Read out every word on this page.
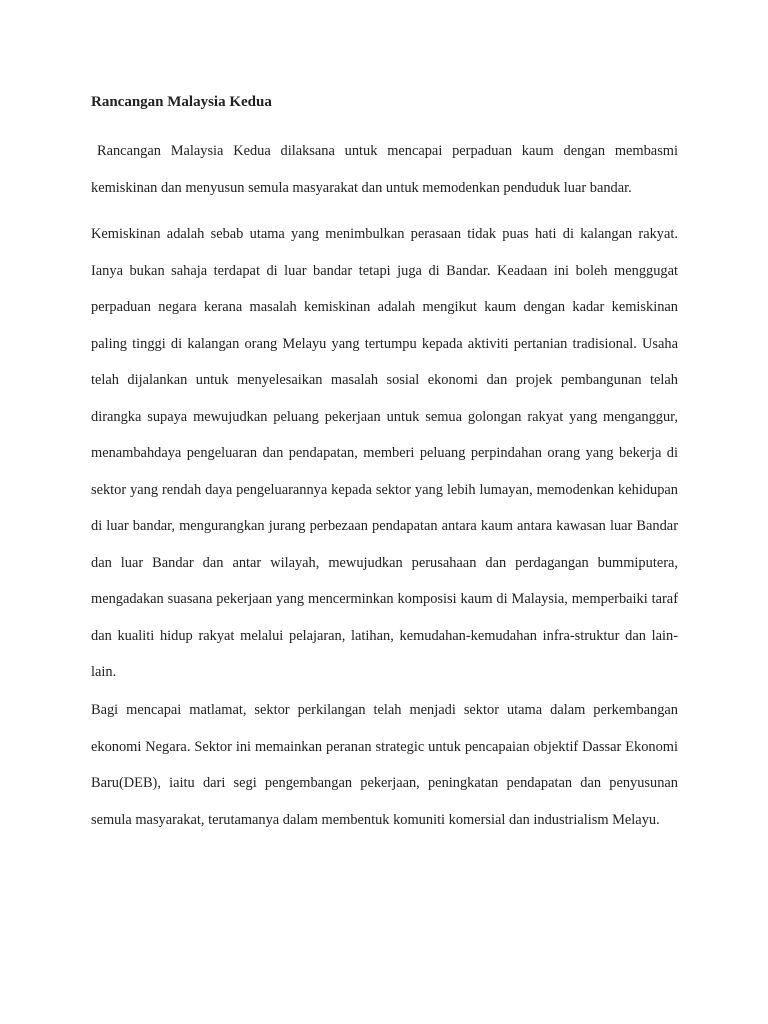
Rancangan Malaysia Kedua

Rancangan Malaysia Kedua dilaksana untuk mencapai perpaduan kaum dengan membasmi kemiskinan dan menyusun semula masyarakat dan untuk memodenkan penduduk luar bandar.

Kemiskinan adalah sebab utama yang menimbulkan perasaan tidak puas hati di kalangan rakyat. Ianya bukan sahaja terdapat di luar bandar tetapi juga di Bandar. Keadaan ini boleh menggugat perpaduan negara kerana masalah kemiskinan adalah mengikut kaum dengan kadar kemiskinan paling tinggi di kalangan orang Melayu yang tertumpu kepada aktiviti pertanian tradisional. Usaha telah dijalankan untuk menyelesaikan masalah sosial ekonomi dan projek pembangunan telah dirangka supaya mewujudkan peluang pekerjaan untuk semua golongan rakyat yang menganggur, menambahdaya pengeluaran dan pendapatan, memberi peluang perpindahan orang yang bekerja di sektor yang rendah daya pengeluarannya kepada sektor yang lebih lumayan, memodenkan kehidupan di luar bandar, mengurangkan jurang perbezaan pendapatan antara kaum antara kawasan luar Bandar dan luar Bandar dan antar wilayah, mewujudkan perusahaan dan perdagangan bummiputera, mengadakan suasana pekerjaan yang mencerminkan komposisi kaum di Malaysia, memperbaiki taraf dan kualiti hidup rakyat melalui pelajaran, latihan, kemudahan-kemudahan infra-struktur dan lain-lain.

Bagi mencapai matlamat, sektor perkilangan telah menjadi sektor utama dalam perkembangan ekonomi Negara. Sektor ini memainkan peranan strategic untuk pencapaian objektif Dassar Ekonomi Baru(DEB), iaitu dari segi pengembangan pekerjaan, peningkatan pendapatan dan penyusunan semula masyarakat, terutamanya dalam membentuk komuniti komersial dan industrialism Melayu.
